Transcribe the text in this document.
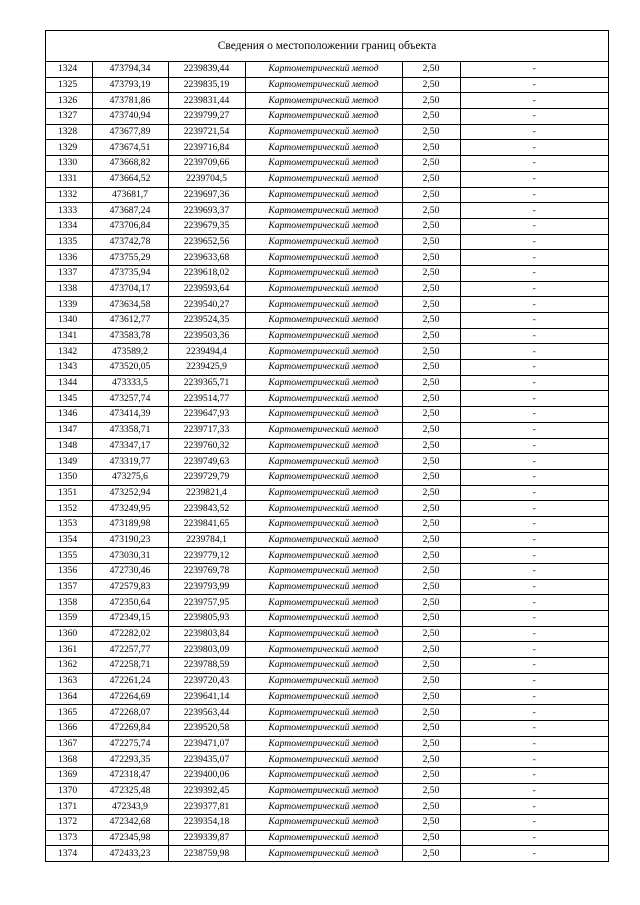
Сведения о местоположении границ объекта
1324	473794,34	2239839,44	Картометрический метод	2,50	-
1325	473793,19	2239835,19	Картометрический метод	2,50	-
1326	473781,86	2239831,44	Картометрический метод	2,50	-
1327	473740,94	2239799,27	Картометрический метод	2,50	-
1328	473677,89	2239721,54	Картометрический метод	2,50	-
1329	473674,51	2239716,84	Картометрический метод	2,50	-
1330	473668,82	2239709,66	Картометрический метод	2,50	-
1331	473664,52	2239704,5	Картометрический метод	2,50	-
1332	473681,7	2239697,36	Картометрический метод	2,50	-
1333	473687,24	2239693,37	Картометрический метод	2,50	-
1334	473706,84	2239679,35	Картометрический метод	2,50	-
1335	473742,78	2239652,56	Картометрический метод	2,50	-
1336	473755,29	2239633,68	Картометрический метод	2,50	-
1337	473735,94	2239618,02	Картометрический метод	2,50	-
1338	473704,17	2239593,64	Картометрический метод	2,50	-
1339	473634,58	2239540,27	Картометрический метод	2,50	-
1340	473612,77	2239524,35	Картометрический метод	2,50	-
1341	473583,78	2239503,36	Картометрический метод	2,50	-
1342	473589,2	2239494,4	Картометрический метод	2,50	-
1343	473520,05	2239425,9	Картометрический метод	2,50	-
1344	473333,5	2239365,71	Картометрический метод	2,50	-
1345	473257,74	2239514,77	Картометрический метод	2,50	-
1346	473414,39	2239647,93	Картометрический метод	2,50	-
1347	473358,71	2239717,33	Картометрический метод	2,50	-
1348	473347,17	2239760,32	Картометрический метод	2,50	-
1349	473319,77	2239749,63	Картометрический метод	2,50	-
1350	473275,6	2239729,79	Картометрический метод	2,50	-
1351	473252,94	2239821,4	Картометрический метод	2,50	-
1352	473249,95	2239843,52	Картометрический метод	2,50	-
1353	473189,98	2239841,65	Картометрический метод	2,50	-
1354	473190,23	2239784,1	Картометрический метод	2,50	-
1355	473030,31	2239779,12	Картометрический метод	2,50	-
1356	472730,46	2239769,78	Картометрический метод	2,50	-
1357	472579,83	2239793,99	Картометрический метод	2,50	-
1358	472350,64	2239757,95	Картометрический метод	2,50	-
1359	472349,15	2239805,93	Картометрический метод	2,50	-
1360	472282,02	2239803,84	Картометрический метод	2,50	-
1361	472257,77	2239803,09	Картометрический метод	2,50	-
1362	472258,71	2239788,59	Картометрический метод	2,50	-
1363	472261,24	2239720,43	Картометрический метод	2,50	-
1364	472264,69	2239641,14	Картометрический метод	2,50	-
1365	472268,07	2239563,44	Картометрический метод	2,50	-
1366	472269,84	2239520,58	Картометрический метод	2,50	-
1367	472275,74	2239471,07	Картометрический метод	2,50	-
1368	472293,35	2239435,07	Картометрический метод	2,50	-
1369	472318,47	2239400,06	Картометрический метод	2,50	-
1370	472325,48	2239392,45	Картометрический метод	2,50	-
1371	472343,9	2239377,81	Картометрический метод	2,50	-
1372	472342,68	2239354,18	Картометрический метод	2,50	-
1373	472345,98	2239339,87	Картометрический метод	2,50	-
1374	472433,23	2238759,98	Картометрический метод	2,50	-
